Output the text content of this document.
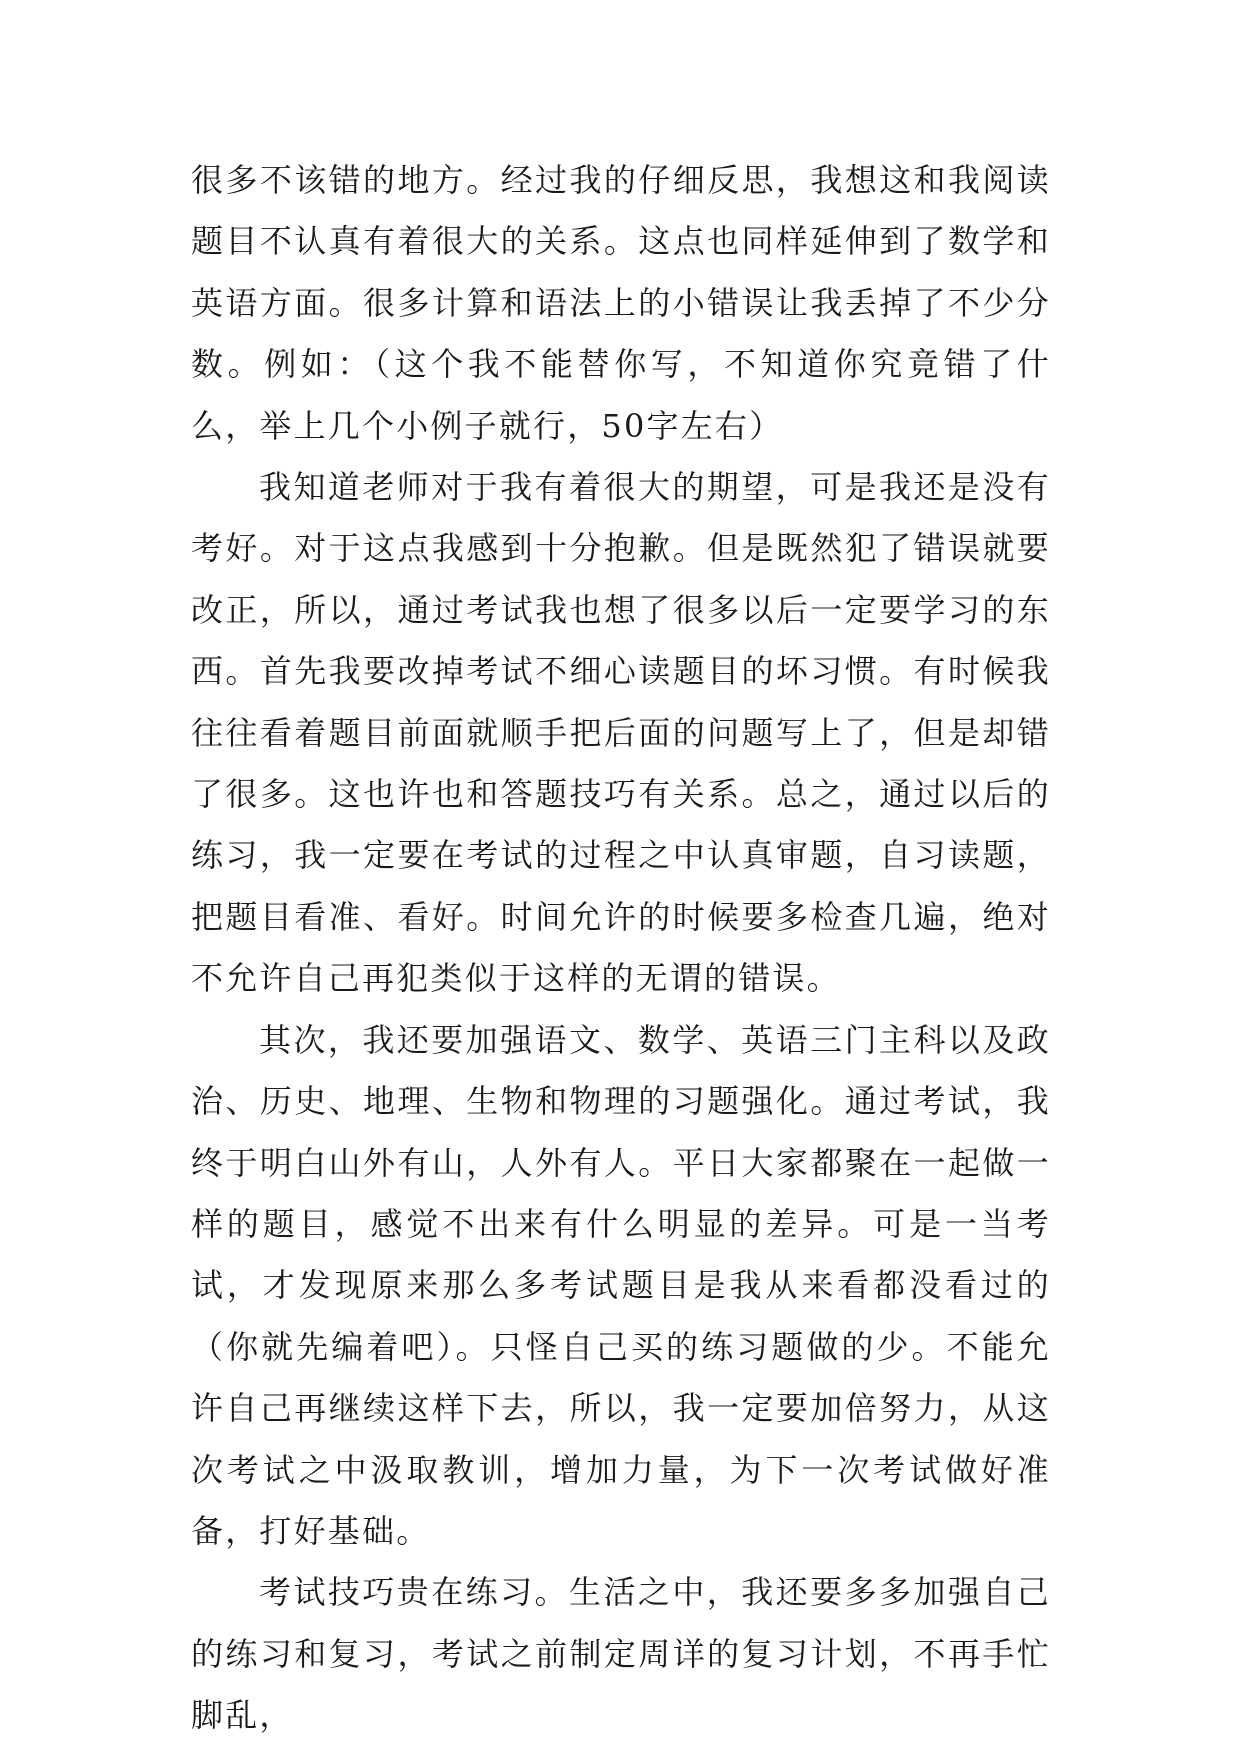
很多不该错的地方。经过我的仔细反思，我想这和我阅读题目不认真有着很大的关系。这点也同样延伸到了数学和英语方面。很多计算和语法上的小错误让我丢掉了不少分数。例如：（这个我不能替你写，不知道你究竟错了什么，举上几个小例子就行，50字左右）

我知道老师对于我有着很大的期望，可是我还是没有考好。对于这点我感到十分抱歉。但是既然犯了错误就要改正，所以，通过考试我也想了很多以后一定要学习的东西。首先我要改掉考试不细心读题目的坏习惯。有时候我往往看着题目前面就顺手把后面的问题写上了，但是却错了很多。这也许也和答题技巧有关系。总之，通过以后的练习，我一定要在考试的过程之中认真审题，自习读题，把题目看准、看好。时间允许的时候要多检查几遍，绝对不允许自己再犯类似于这样的无谓的错误。

其次，我还要加强语文、数学、英语三门主科以及政治、历史、地理、生物和物理的习题强化。通过考试，我终于明白山外有山，人外有人。平日大家都聚在一起做一样的题目，感觉不出来有什么明显的差异。可是一当考试，才发现原来那么多考试题目是我从来看都没看过的（你就先编着吧）。只怪自己买的练习题做的少。不能允许自己再继续这样下去，所以，我一定要加倍努力，从这次考试之中汲取教训，增加力量，为下一次考试做好准备，打好基础。

考试技巧贵在练习。生活之中，我还要多多加强自己的练习和复习，考试之前制定周详的复习计划，不再手忙脚乱，
